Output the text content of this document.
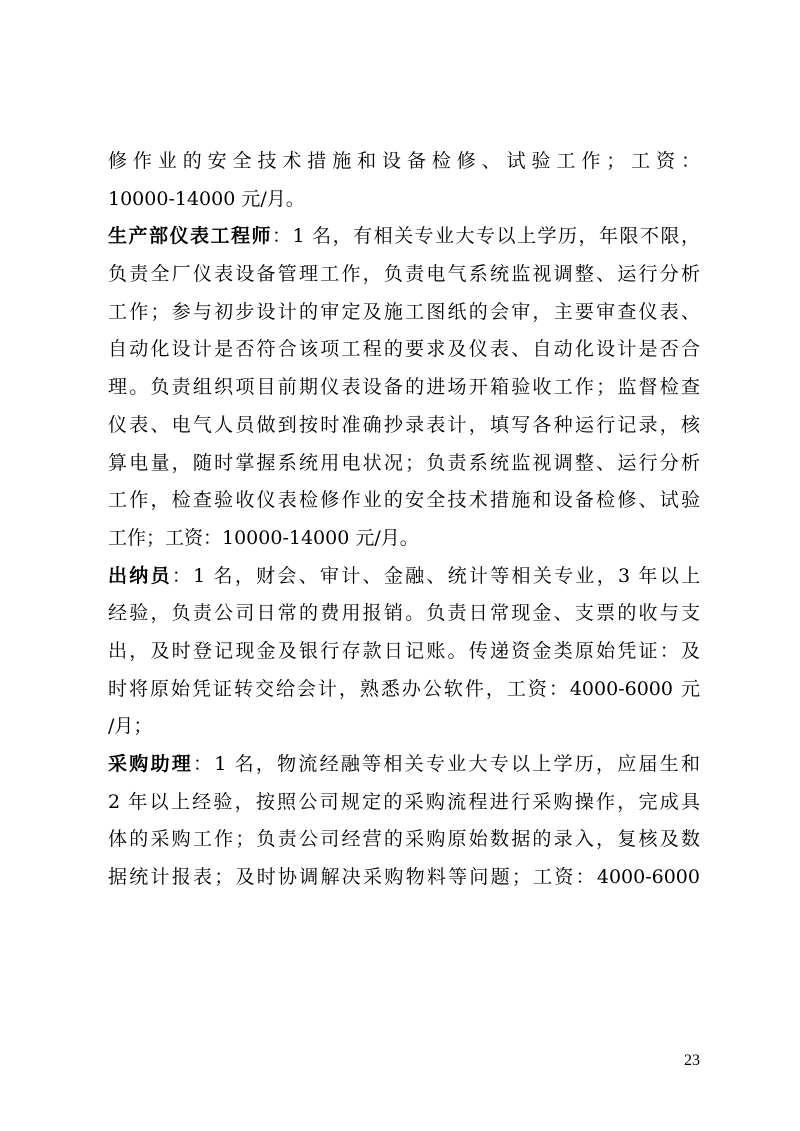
修作业的安全技术措施和设备检修、试验工作；工资：
10000-14000 元/月。
生产部仪表工程师：1 名，有相关专业大专以上学历，年限不限，
负责全厂仪表设备管理工作，负责电气系统监视调整、运行分析
工作；参与初步设计的审定及施工图纸的会审，主要审查仪表、
自动化设计是否符合该项工程的要求及仪表、自动化设计是否合
理。负责组织项目前期仪表设备的进场开箱验收工作；监督检查
仪表、电气人员做到按时准确抄录表计，填写各种运行记录，核
算电量，随时掌握系统用电状况；负责系统监视调整、运行分析
工作，检查验收仪表检修作业的安全技术措施和设备检修、试验
工作；工资：10000-14000 元/月。
出纳员：1 名，财会、审计、金融、统计等相关专业，3 年以上
经验，负责公司日常的费用报销。负责日常现金、支票的收与支
出，及时登记现金及银行存款日记账。传递资金类原始凭证：及
时将原始凭证转交给会计，熟悉办公软件，工资：4000-6000 元
/月；
采购助理：1 名，物流经融等相关专业大专以上学历，应届生和
2 年以上经验，按照公司规定的采购流程进行采购操作，完成具
体的采购工作；负责公司经营的采购原始数据的录入，复核及数
据统计报表；及时协调解决采购物料等问题；工资：4000-6000
23
